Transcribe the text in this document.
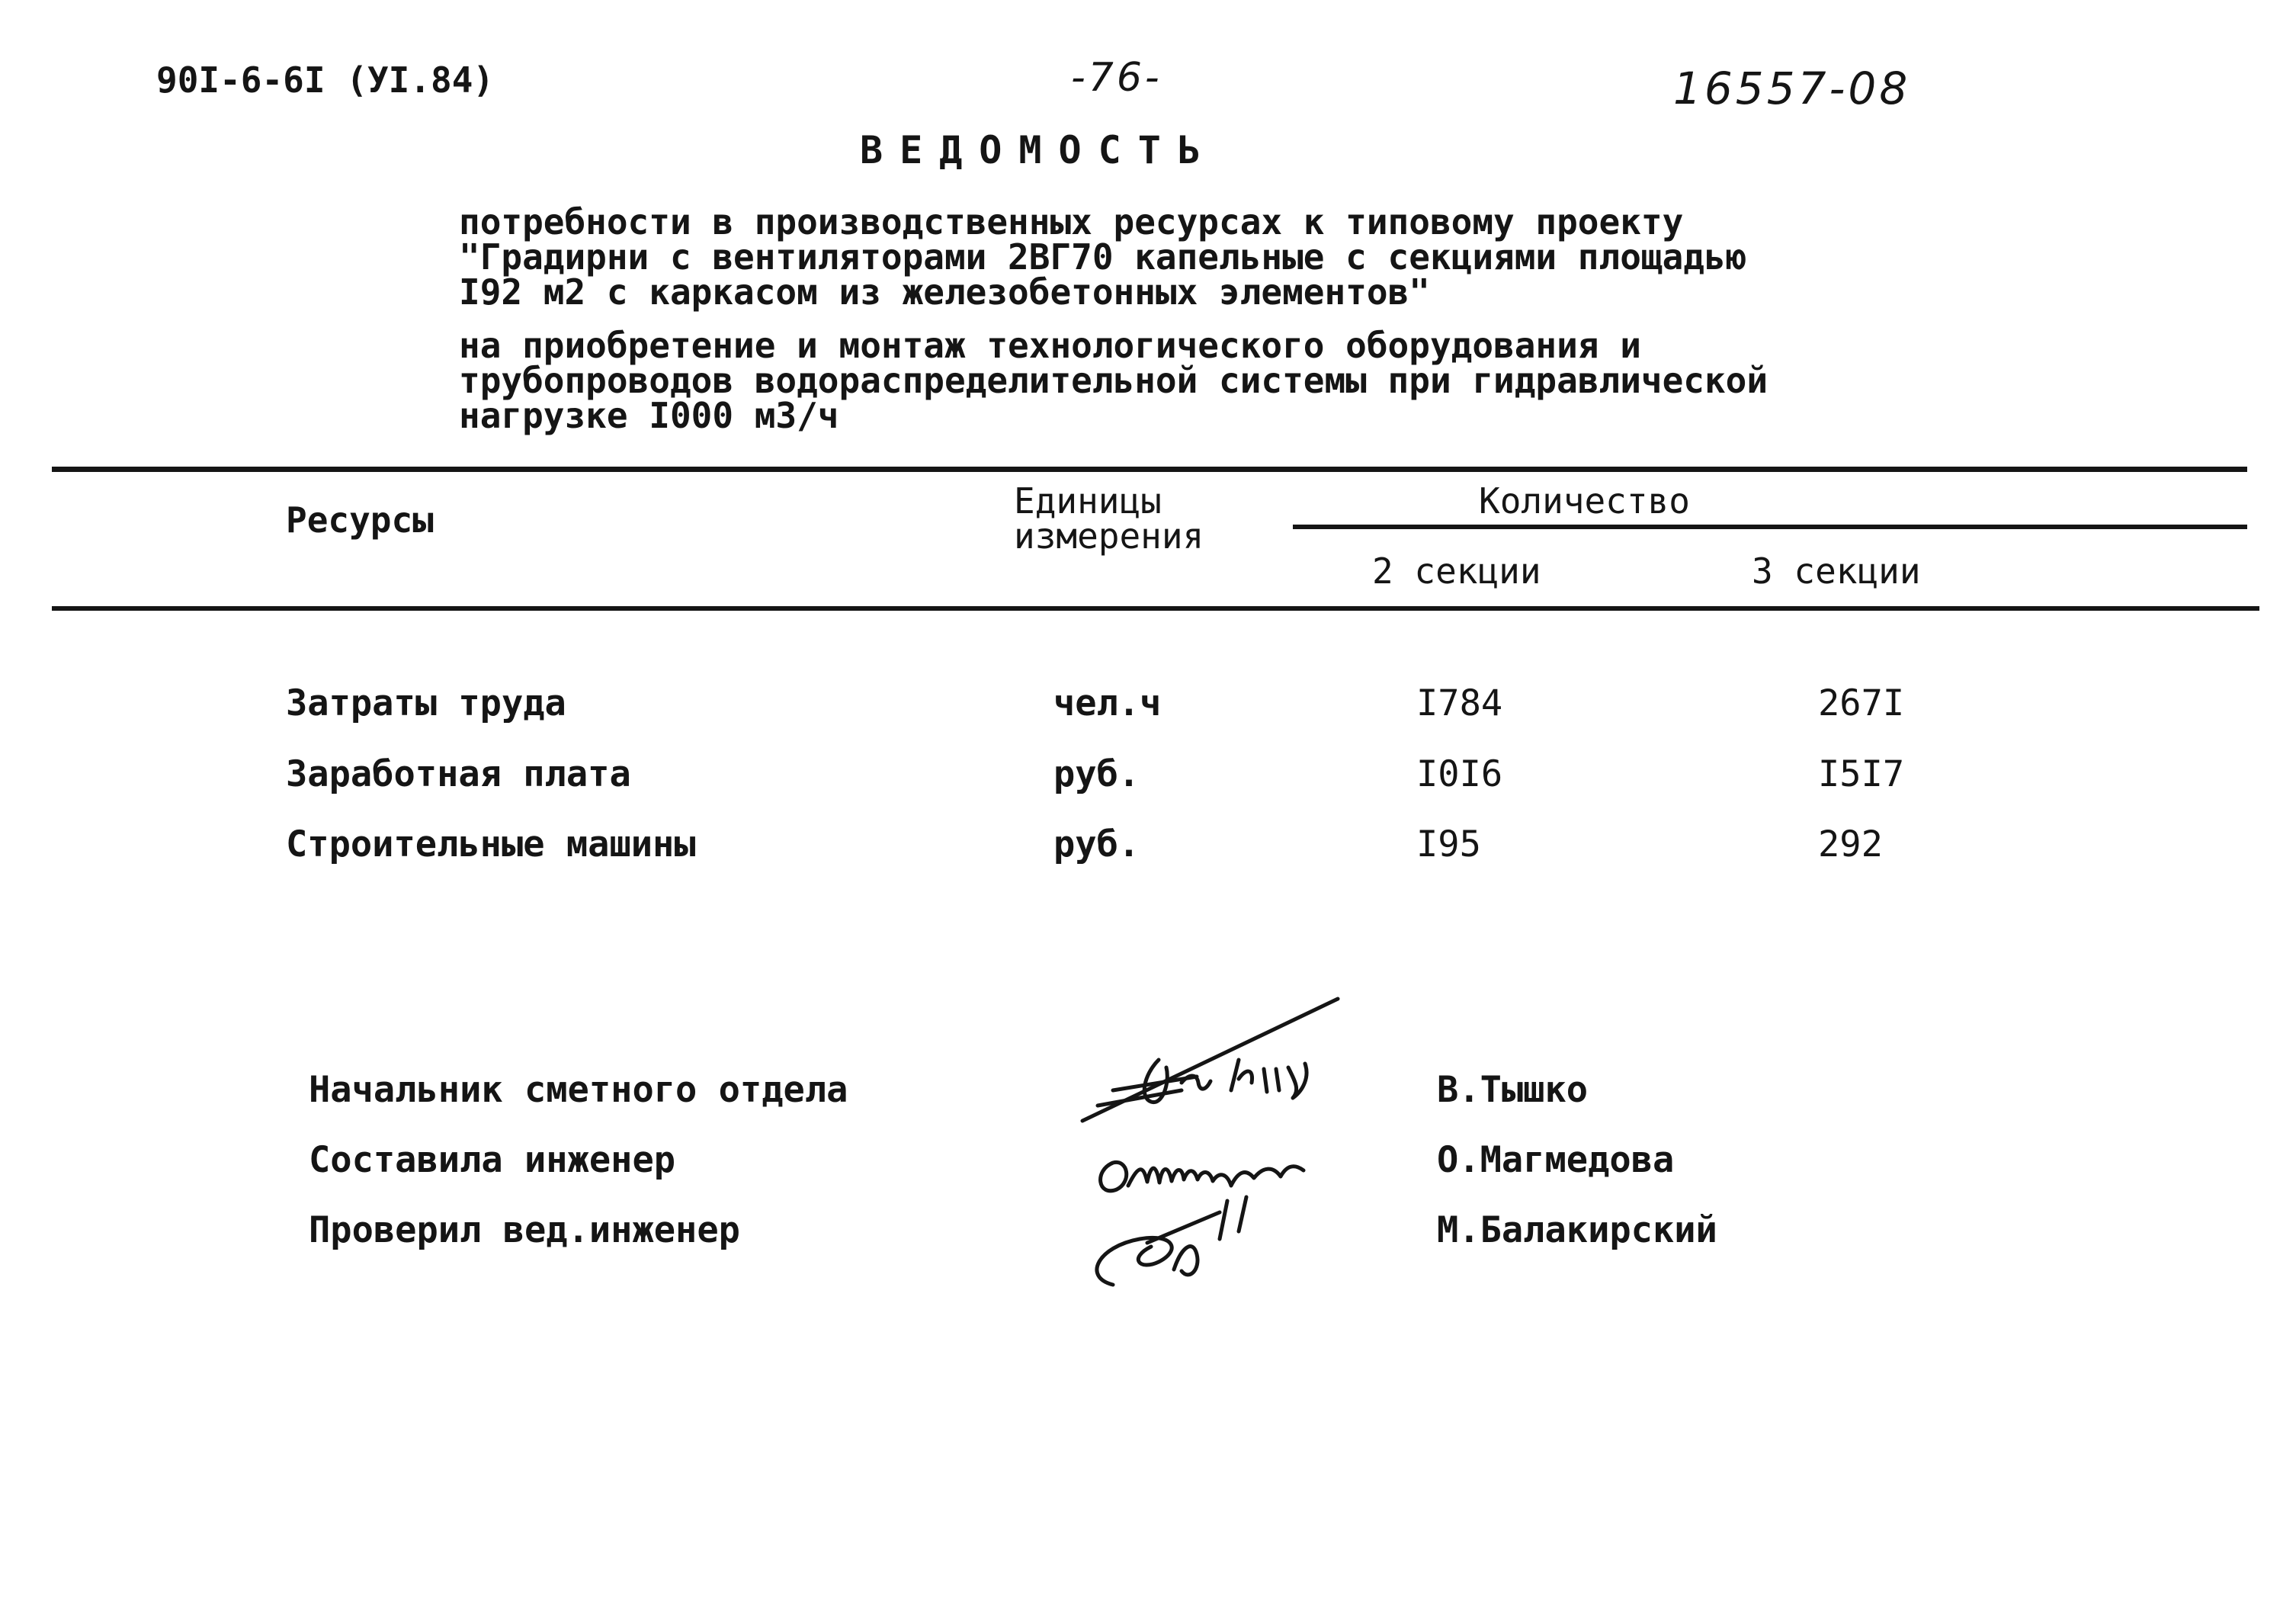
90I-6-6I (УI.84)	-76-	16557-08
ВЕДОМОСТЬ
потребности в производственных ресурсах к типовому проекту
"Градирни с вентиляторами 2ВГ70 капельные с секциями площадью
I92 м2 с каркасом из железобетонных элементов"
на приобретение и монтаж технологического оборудования и
трубопроводов водораспределительной системы при гидравлической
нагрузке I000 м3/ч
Ресурсы	Единицы
измерения
Количество
2 секции	3 секции
Затраты труда	чел.ч	I784	267I
Заработная плата	руб.	I0I6	I5I7
Строительные машины	руб.	I95	292
Начальник сметного отдела	В.Тышко
Составила инженер	О.Магмедова
Проверил вед.инженер	М.Балакирский
